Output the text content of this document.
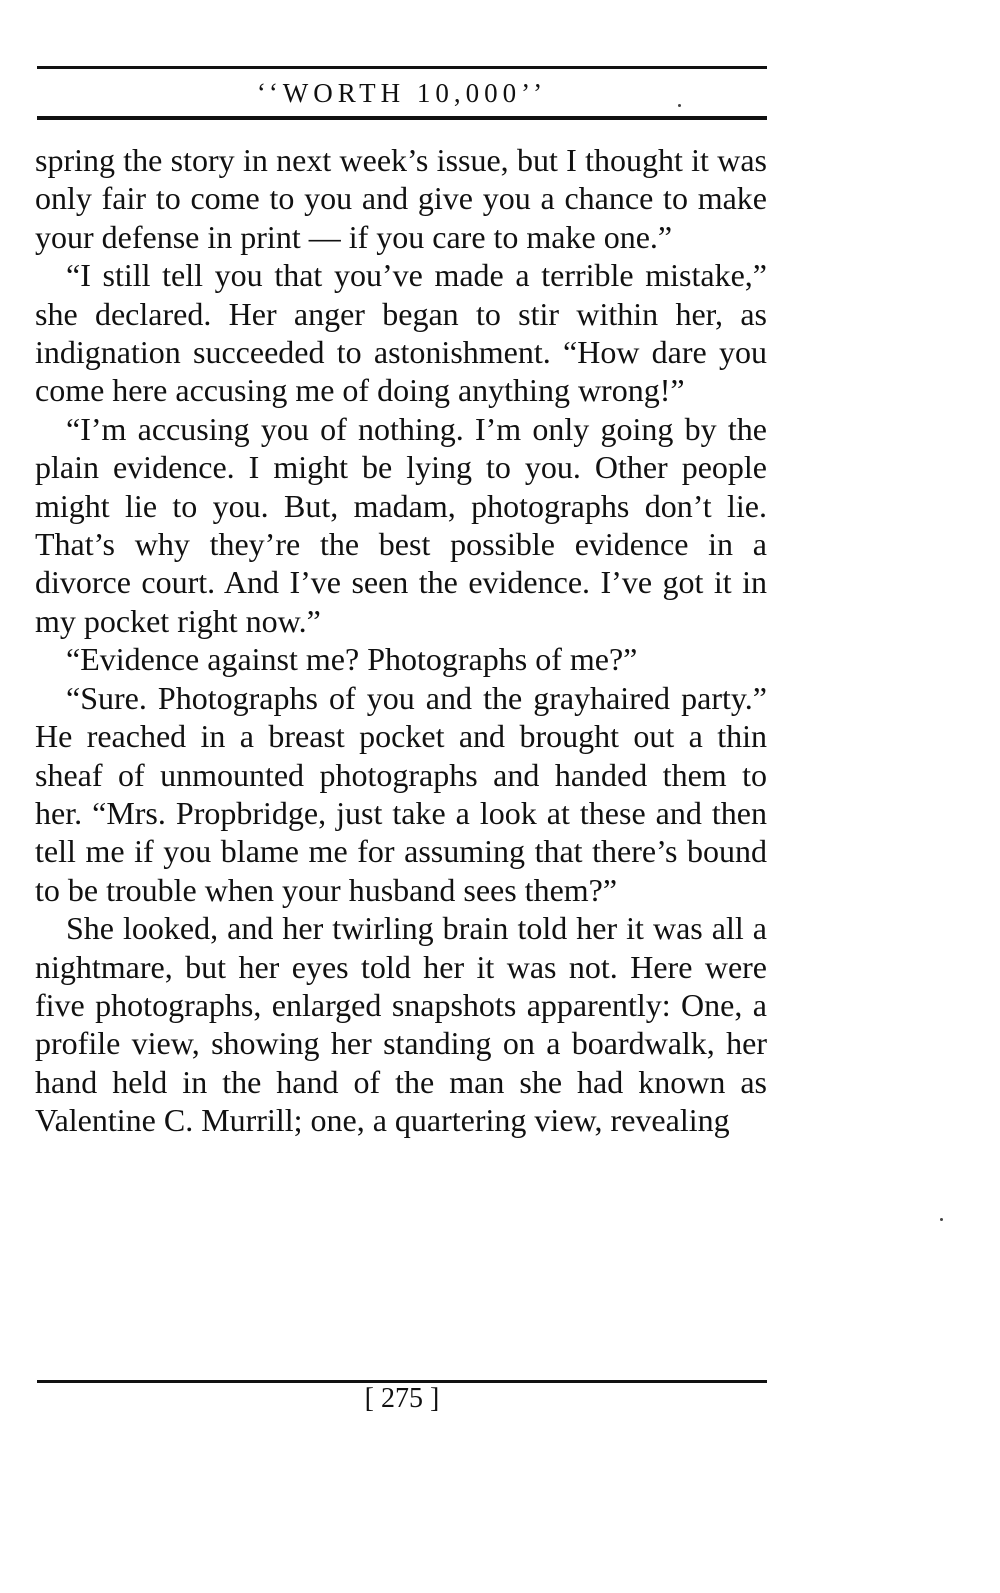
‘‘WORTH 10,000’’

spring the story in next week’s issue, but I thought it was only fair to come to you and give you a chance to make your defense in print — if you care to make one.”

“I still tell you that you’ve made a terrible mistake,” she declared. Her anger began to stir within her, as indignation succeeded to astonishment. “How dare you come here accusing me of doing anything wrong!”

“I’m accusing you of nothing. I’m only going by the plain evidence. I might be lying to you. Other people might lie to you. But, madam, photographs don’t lie. That’s why they’re the best possible evidence in a divorce court. And I’ve seen the evidence. I’ve got it in my pocket right now.”

“Evidence against me? Photographs of me?”

“Sure. Photographs of you and the grayhaired party.” He reached in a breast pocket and brought out a thin sheaf of unmounted photographs and handed them to her. “Mrs. Propbridge, just take a look at these and then tell me if you blame me for assuming that there’s bound to be trouble when your husband sees them?”

She looked, and her twirling brain told her it was all a nightmare, but her eyes told her it was not. Here were five photographs, enlarged snapshots apparently: One, a profile view, showing her standing on a boardwalk, her hand held in the hand of the man she had known as Valentine C. Murrill; one, a quartering view, revealing

[ 275 ]
